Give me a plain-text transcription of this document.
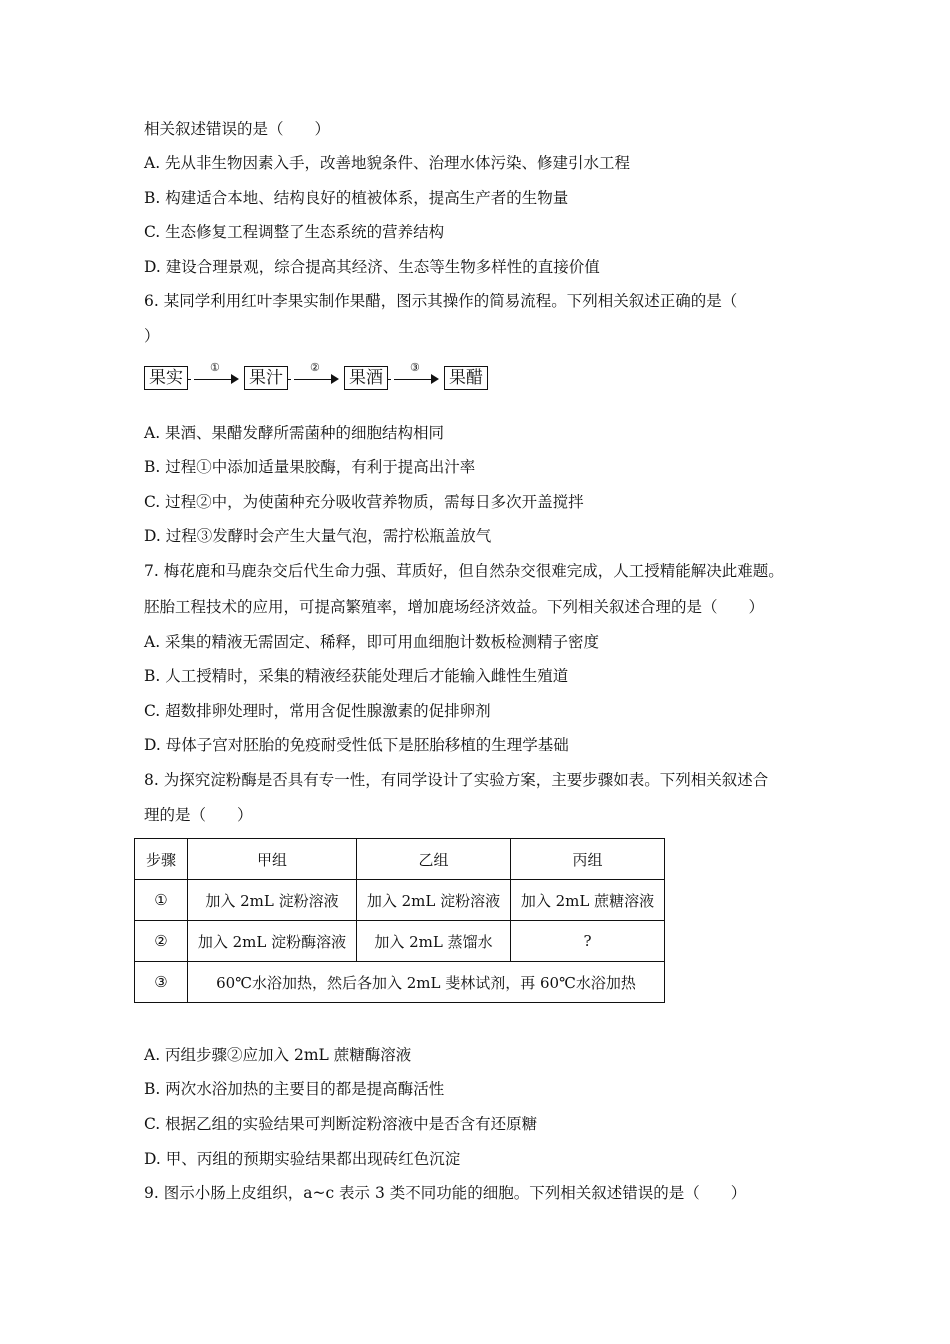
相关叙述错误的是（　　）
A. 先从非生物因素入手，改善地貌条件、治理水体污染、修建引水工程
B. 构建适合本地、结构良好的植被体系，提高生产者的生物量
C. 生态修复工程调整了生态系统的营养结构
D. 建设合理景观，综合提高其经济、生态等生物多样性的直接价值
6. 某同学利用红叶李果实制作果醋，图示其操作的简易流程。下列相关叙述正确的是（
）
果实
①
果汁
②
果酒
③
果醋
A. 果酒、果醋发酵所需菌种的细胞结构相同
B. 过程①中添加适量果胶酶，有利于提高出汁率
C. 过程②中，为使菌种充分吸收营养物质，需每日多次开盖搅拌
D. 过程③发酵时会产生大量气泡，需拧松瓶盖放气
7. 梅花鹿和马鹿杂交后代生命力强、茸质好，但自然杂交很难完成，人工授精能解决此难题。
胚胎工程技术的应用，可提高繁殖率，增加鹿场经济效益。下列相关叙述合理的是（　　）
A. 采集的精液无需固定、稀释，即可用血细胞计数板检测精子密度
B. 人工授精时，采集的精液经获能处理后才能输入雌性生殖道
C. 超数排卵处理时，常用含促性腺激素的促排卵剂
D. 母体子宫对胚胎的免疫耐受性低下是胚胎移植的生理学基础
8. 为探究淀粉酶是否具有专一性，有同学设计了实验方案，主要步骤如表。下列相关叙述合
理的是（　　）
步骤	甲组	乙组	丙组
①	加入 2mL 淀粉溶液	加入 2mL 淀粉溶液	加入 2mL 蔗糖溶液
②	加入 2mL 淀粉酶溶液	加入 2mL 蒸馏水	?
③	60℃水浴加热，然后各加入 2mL 斐林试剂，再 60℃水浴加热		
A. 丙组步骤②应加入 2mL 蔗糖酶溶液
B. 两次水浴加热的主要目的都是提高酶活性
C. 根据乙组的实验结果可判断淀粉溶液中是否含有还原糖
D. 甲、丙组的预期实验结果都出现砖红色沉淀
9. 图示小肠上皮组织，a~c 表示 3 类不同功能的细胞。下列相关叙述错误的是（　　）
